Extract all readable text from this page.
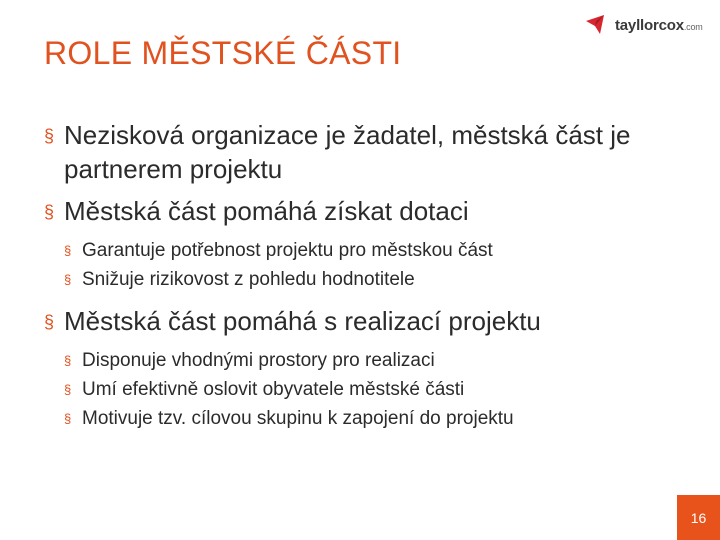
tayllorcox.com
ROLE MĚSTSKÉ ČÁSTI
§ Nezisková organizace je žadatel, městská část je partnerem projektu
§ Městská část pomáhá získat dotaci
§ Garantuje potřebnost projektu pro městskou část
§ Snižuje rizikovost z pohledu hodnotitele
§ Městská část pomáhá s realizací projektu
§ Disponuje vhodnými prostory pro realizaci
§ Umí efektivně oslovit obyvatele městské části
§ Motivuje tzv. cílovou skupinu k zapojení do projektu
16
